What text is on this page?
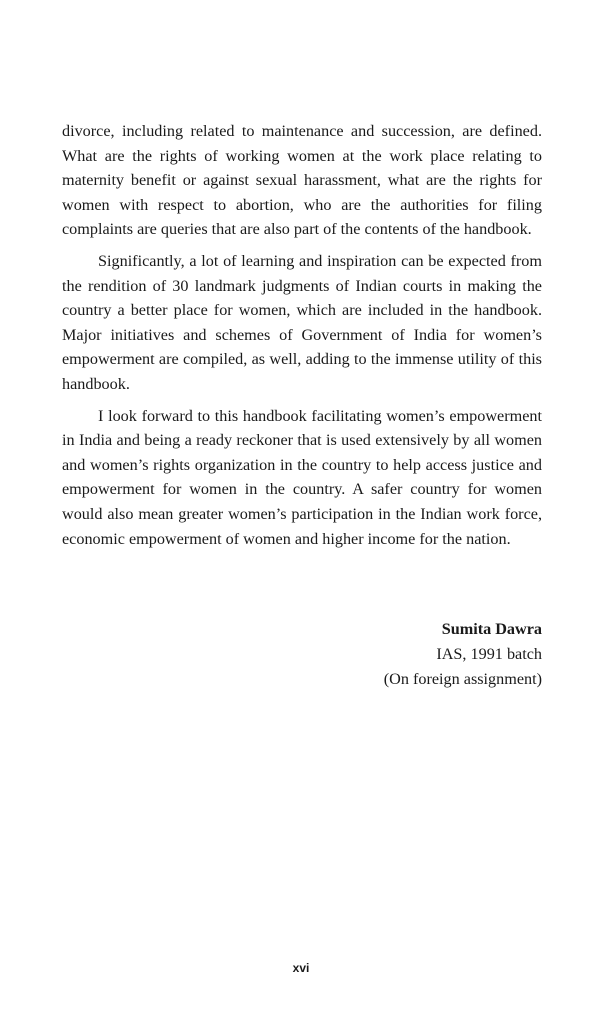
divorce, including related to maintenance and succession, are defined. What are the rights of working women at the work place relating to maternity benefit or against sexual harassment, what are the rights for women with respect to abortion, who are the authorities for filing complaints are queries that are also part of the contents of the handbook.

Significantly, a lot of learning and inspiration can be expected from the rendition of 30 landmark judgments of Indian courts in making the country a better place for women, which are included in the handbook. Major initiatives and schemes of Government of India for women’s empowerment are compiled, as well, adding to the immense utility of this handbook.

I look forward to this handbook facilitating women’s empowerment in India and being a ready reckoner that is used extensively by all women and women’s rights organization in the country to help access justice and empowerment for women in the country. A safer country for women would also mean greater women’s participation in the Indian work force, economic empowerment of women and higher income for the nation.

Sumita Dawra
IAS, 1991 batch
(On foreign assignment)
xvi
